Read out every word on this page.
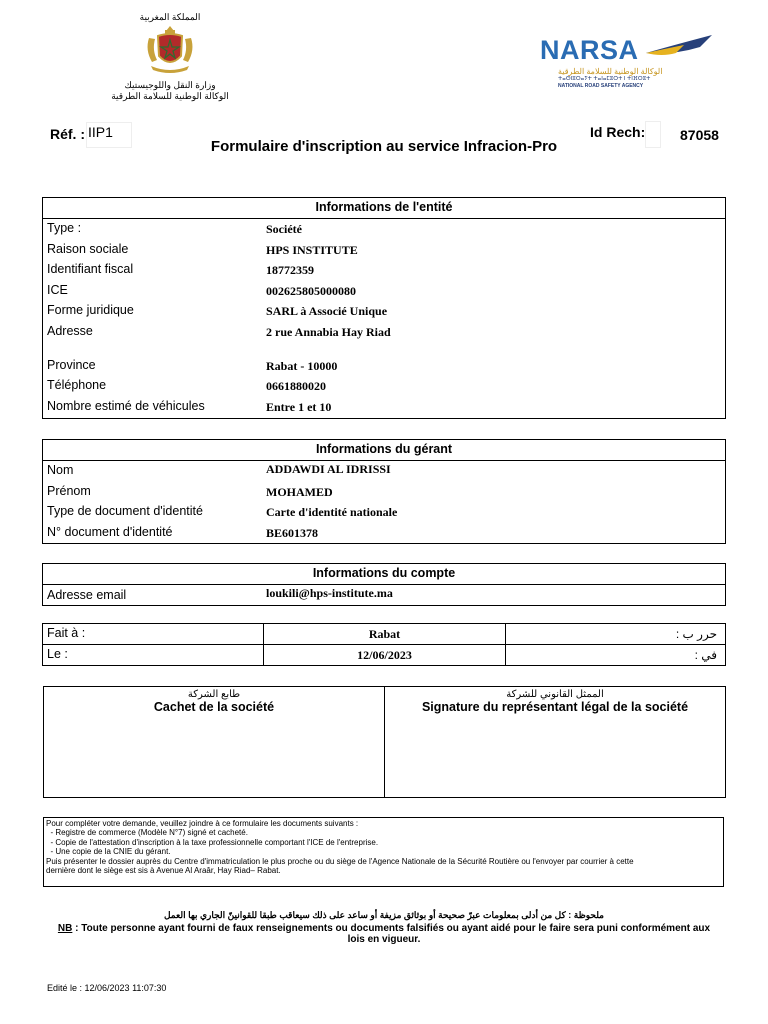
المملكة المغربية
وزارة النقل واللوجيستيك
الوكالة الوطنية للسلامة الطرقية
NARSA
الوكالة الوطنية للسلامة الطرقية
ⵜⴰⵙⵏⵓⵔⴰⵢⵜ ⵜⴰⵏⴰⵎⵓⵔⵜ ⵏ ⵜⵏⴼⵔⵓⵜ
NATIONAL ROAD SAFETY AGENCY
Réf. : IIP1
Formulaire d'inscription au service Infracion-Pro
Id Rech: 87058
Informations de l'entité
Type :	Société
Raison sociale	HPS INSTITUTE
Identifiant fiscal	18772359
ICE	002625805000080
Forme juridique	SARL à Associé Unique
Adresse	2 rue Annabia Hay Riad
Province	Rabat - 10000
Téléphone	0661880020
Nombre estimé de véhicules	Entre 1 et 10
Informations du gérant
Nom	ADDAWDI AL IDRISSI
Prénom	MOHAMED
Type de document d'identité	Carte d'identité nationale
N° document d'identité	BE601378
Informations du compte
Adresse email	loukili@hps-institute.ma
Fait à :	Rabat	حرر ب :
Le :	12/06/2023	في :
طابع الشركة
Cachet de la société
الممثل القانوني للشركة
Signature du représentant légal de la société
Pour compléter votre demande, veuillez joindre à ce formulaire les documents suivants :
- Registre de commerce (Modèle N°7) signé et cacheté.
- Copie de l'attestation d'inscription à la taxe professionnelle comportant l'ICE de l'entreprise.
- Une copie de la CNIE du gérant.
Puis présenter le dossier auprès du Centre d'immatriculation le plus proche ou du siège de l'Agence Nationale de la Sécurité Routière ou l'envoyer par courrier à cette
dernière dont le siège est sis à Avenue Al Araâr, Hay Riad– Rabat.
ملحوظة : كل من أدلى بمعلومات عبرّ صحيحة أو بوثائق مزيفة أو ساعد على ذلك سيعاقب طبقا للقوانينّ الجاري بها العمل
NB : Toute personne ayant fourni de faux renseignements ou documents falsifiés ou ayant aidé pour le faire sera puni conformément aux lois en vigueur.
Edité le : 12/06/2023 11:07:30
